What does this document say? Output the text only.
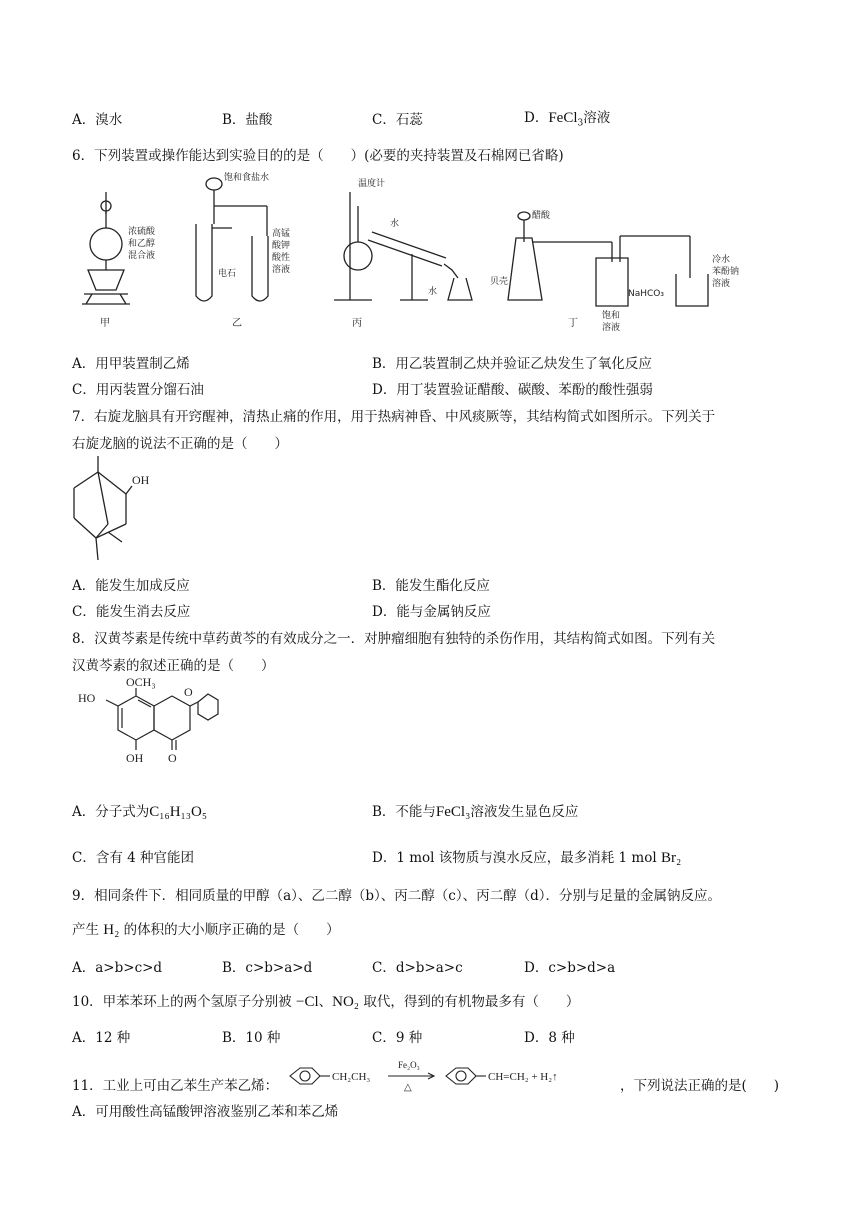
A．溴水	B．盐酸	C．石蕊	D．FeCl$_3$溶液
6．下列装置或操作能达到实验目的的是（　　）(必要的夹持装置及石棉网已省略)
浓硫酸
和乙醇
混合液
甲
饱和食盐水
电石
高锰
酸钾
酸性
溶液
乙
温度计
水
水
丙
醋酸
贝壳
饱和
NaHCO₃
溶液
冷水
苯酚钠
溶液
丁
A．用甲装置制乙烯	B．用乙装置制乙炔并验证乙炔发生了氧化反应
C．用丙装置分馏石油	D．用丁装置验证醋酸、碳酸、苯酚的酸性强弱
7．右旋龙脑具有开窍醒神，清热止痛的作用，用于热病神昏、中风痰厥等，其结构简式如图所示。下列关于
右旋龙脑的说法不正确的是（　　）
OH
A．能发生加成反应	B．能发生酯化反应
C．能发生消去反应	D．能与金属钠反应
8．汉黄芩素是传统中草药黄芩的有效成分之一．对肿瘤细胞有独特的杀伤作用，其结构简式如图。下列有关
汉黄芩素的叙述正确的是（　　）
OCH₃
HO
OH O
O
A．分子式为C₁₆H₁₃O₅	B．不能与FeCl₃溶液发生显色反应
C．含有 4 种官能团	D．1 mol 该物质与溴水反应，最多消耗 1 mol Br₂
9．相同条件下．相同质量的甲醇（a）、乙二醇（b）、丙二醇（c）、丙二醇（d）．分别与足量的金属钠反应。
产生 H₂ 的体积的大小顺序正确的是（　　）
A．a>b>c>d	B．c>b>a>d	C．d>b>a>c	D．c>b>d>a
10．甲苯苯环上的两个氢原子分别被 −Cl、NO₂ 取代，得到的有机物最多有（　　）
A．12 种	B．10 种	C．9 种	D．8 种
11．工业上可由乙苯生产苯乙烯：
CH₂CH₃
Fe₂O₃
△
CH=CH₂ + H₂↑
，下列说法正确的是(　　)
A．可用酸性高锰酸钾溶液鉴别乙苯和苯乙烯
